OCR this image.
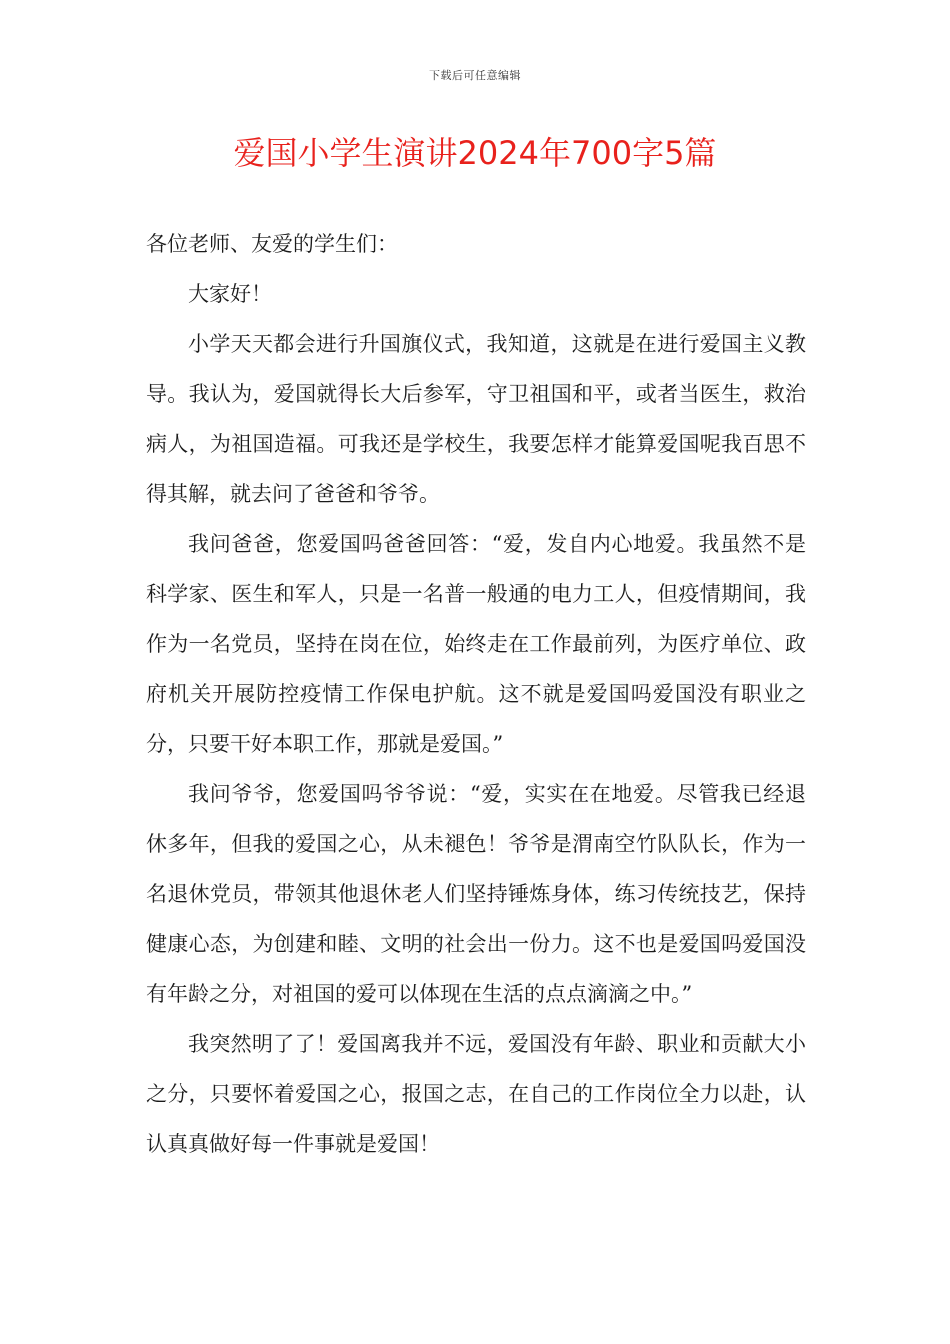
下载后可任意编辑
爱国小学生演讲2024年700字5篇

各位老师、友爱的学生们：

大家好！

小学天天都会进行升国旗仪式，我知道，这就是在进行爱国主义教导。我认为，爱国就得长大后参军，守卫祖国和平，或者当医生，救治病人，为祖国造福。可我还是学校生，我要怎样才能算爱国呢我百思不得其解，就去问了爸爸和爷爷。

我问爸爸，您爱国吗爸爸回答：“爱，发自内心地爱。我虽然不是科学家、医生和军人，只是一名普一般通的电力工人，但疫情期间，我作为一名党员，坚持在岗在位，始终走在工作最前列，为医疗单位、政府机关开展防控疫情工作保电护航。这不就是爱国吗爱国没有职业之分，只要干好本职工作，那就是爱国。”

我问爷爷，您爱国吗爷爷说：“爱，实实在在地爱。尽管我已经退休多年，但我的爱国之心，从未褪色！爷爷是渭南空竹队队长，作为一名退休党员，带领其他退休老人们坚持锤炼身体，练习传统技艺，保持健康心态，为创建和睦、文明的社会出一份力。这不也是爱国吗爱国没有年龄之分，对祖国的爱可以体现在生活的点点滴滴之中。”

我突然明了了！爱国离我并不远，爱国没有年龄、职业和贡献大小之分，只要怀着爱国之心，报国之志，在自己的工作岗位全力以赴，认认真真做好每一件事就是爱国！
